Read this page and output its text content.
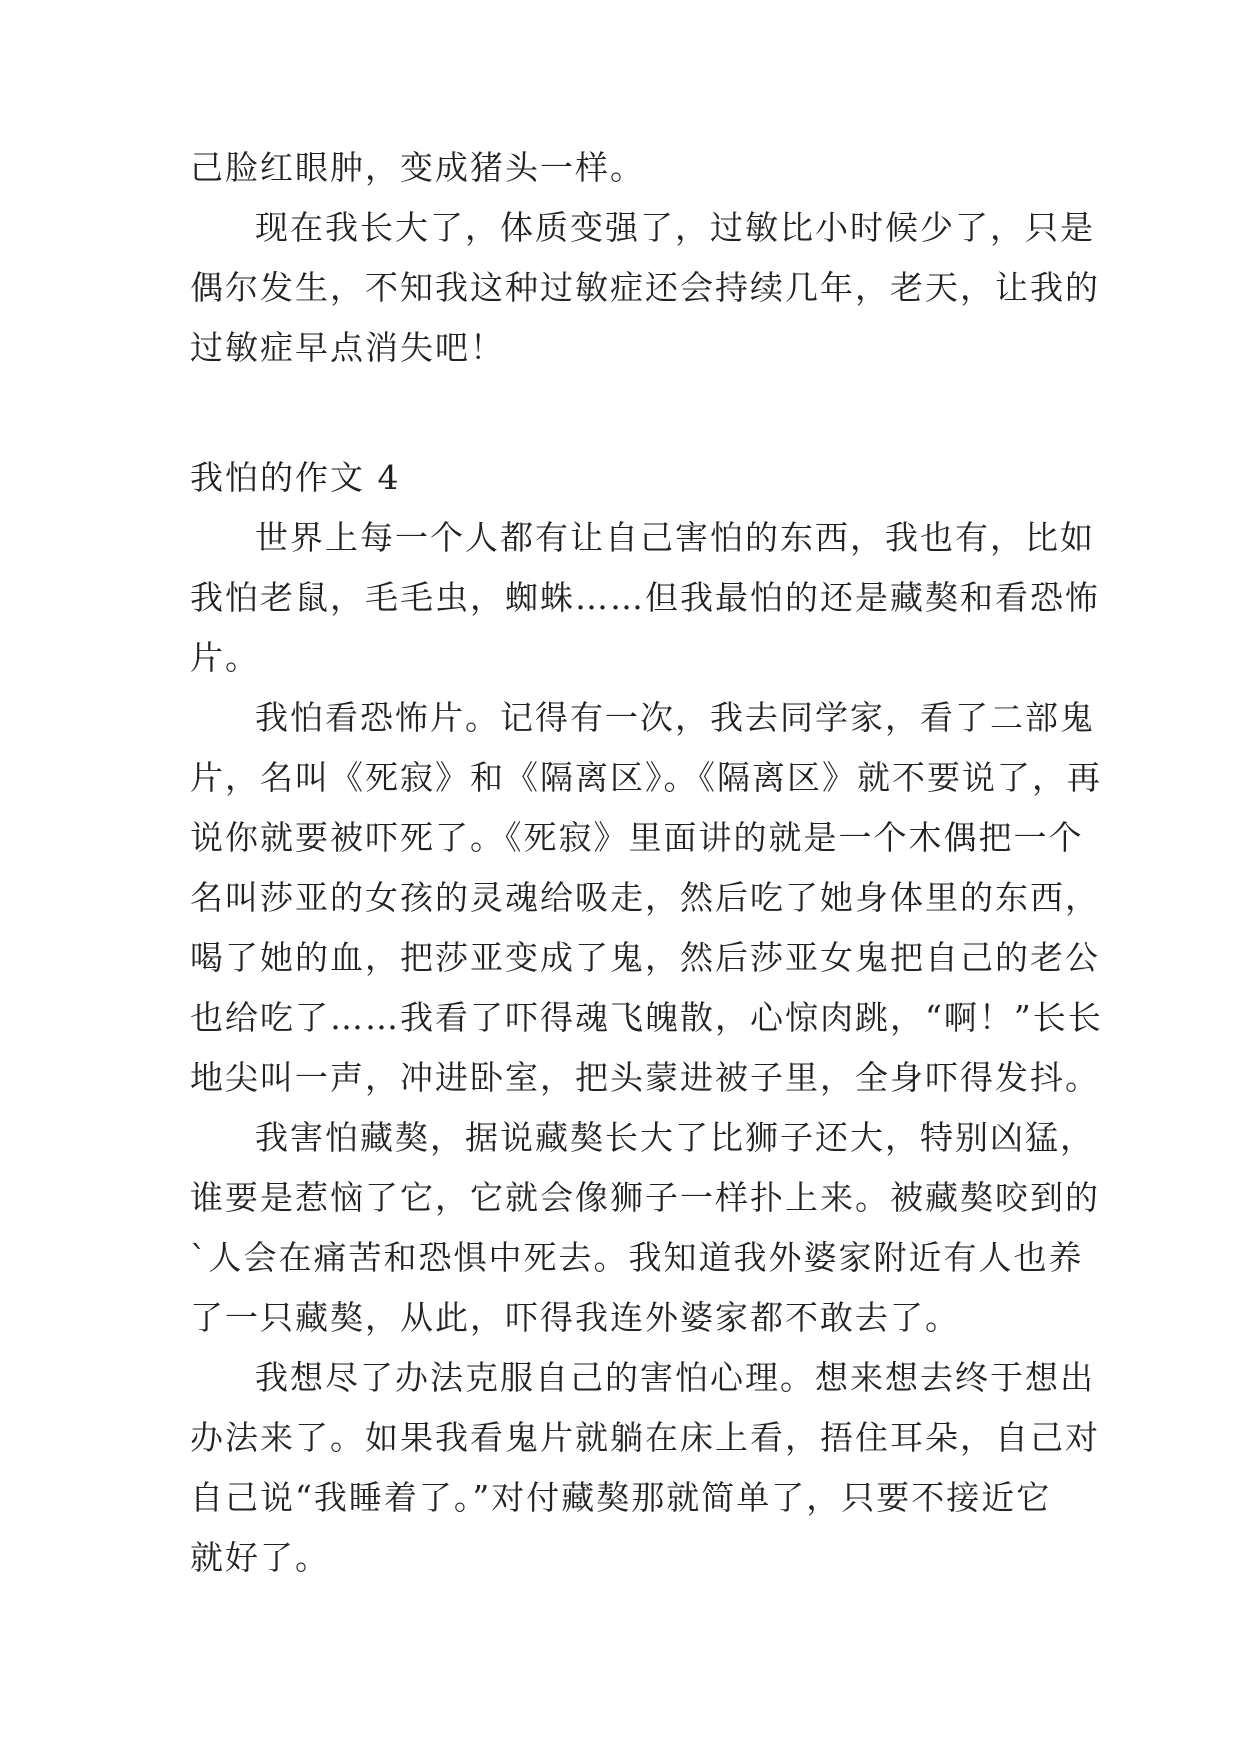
己脸红眼肿，变成猪头一样。
现在我长大了，体质变强了，过敏比小时候少了，只是
偶尔发生，不知我这种过敏症还会持续几年，老天，让我的
过敏症早点消失吧！
我怕的作文 4
世界上每一个人都有让自己害怕的东西，我也有，比如
我怕老鼠，毛毛虫，蜘蛛……但我最怕的还是藏獒和看恐怖
片。
我怕看恐怖片。记得有一次，我去同学家，看了二部鬼
片，名叫《死寂》和《隔离区》。《隔离区》就不要说了，再
说你就要被吓死了。《死寂》里面讲的就是一个木偶把一个
名叫莎亚的女孩的灵魂给吸走，然后吃了她身体里的东西，
喝了她的血，把莎亚变成了鬼，然后莎亚女鬼把自己的老公
也给吃了……我看了吓得魂飞魄散，心惊肉跳，“啊！”长长
地尖叫一声，冲进卧室，把头蒙进被子里，全身吓得发抖。
我害怕藏獒，据说藏獒长大了比狮子还大，特别凶猛，
谁要是惹恼了它，它就会像狮子一样扑上来。被藏獒咬到的
`人会在痛苦和恐惧中死去。我知道我外婆家附近有人也养
了一只藏獒，从此，吓得我连外婆家都不敢去了。
我想尽了办法克服自己的害怕心理。想来想去终于想出
办法来了。如果我看鬼片就躺在床上看，捂住耳朵，自己对
自己说“我睡着了。”对付藏獒那就简单了，只要不接近它
就好了。
